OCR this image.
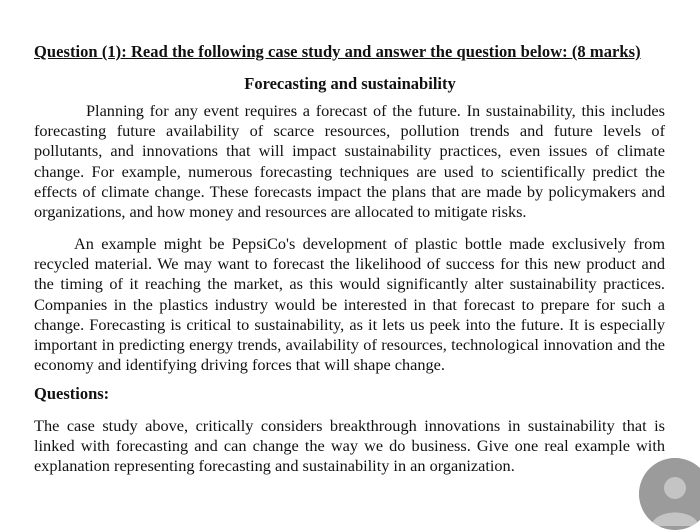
Question (1): Read the following case study and answer the question below: (8 marks)
Forecasting and sustainability

Planning for any event requires a forecast of the future. In sustainability, this includes forecasting future availability of scarce resources, pollution trends and future levels of pollutants, and innovations that will impact sustainability practices, even issues of climate change. For example, numerous forecasting techniques are used to scientifically predict the effects of climate change. These forecasts impact the plans that are made by policymakers and organizations, and how money and resources are allocated to mitigate risks.

An example might be PepsiCo's development of plastic bottle made exclusively from recycled material. We may want to forecast the likelihood of success for this new product and the timing of it reaching the market, as this would significantly alter sustainability practices. Companies in the plastics industry would be interested in that forecast to prepare for such a change. Forecasting is critical to sustainability, as it lets us peek into the future. It is especially important in predicting energy trends, availability of resources, technological innovation and the economy and identifying driving forces that will shape change.

Questions:

The case study above, critically considers breakthrough innovations in sustainability that is linked with forecasting and can change the way we do business. Give one real example with explanation representing forecasting and sustainability in an organization.
